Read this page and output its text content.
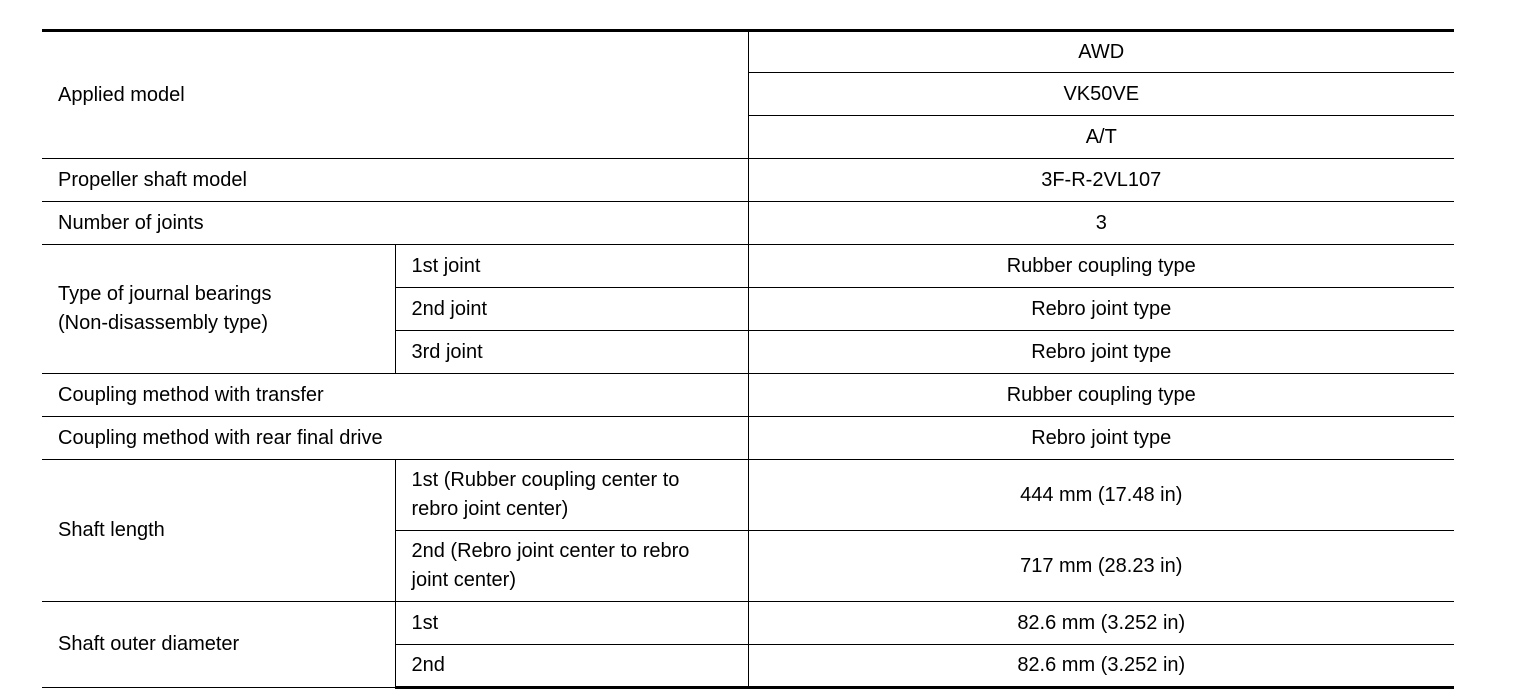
Applied model		AWD
		VK50VE
		A/T
Propeller shaft model		3F-R-2VL107
Number of joints		3

Type of journal bearings
(Non-disassembly type)	1st joint	Rubber coupling type
	2nd joint	Rebro joint type
	3rd joint	Rebro joint type
Coupling method with transfer		Rubber coupling type
Coupling method with rear final drive		Rebro joint type
Shaft length	1st (Rubber coupling center to
rebro joint center)	444 mm (17.48 in)

	2nd (Rebro joint center to rebro
joint center)	717 mm (28.23 in)
Shaft outer diameter	1st	82.6 mm (3.252 in)
	2nd	82.6 mm (3.252 in)
